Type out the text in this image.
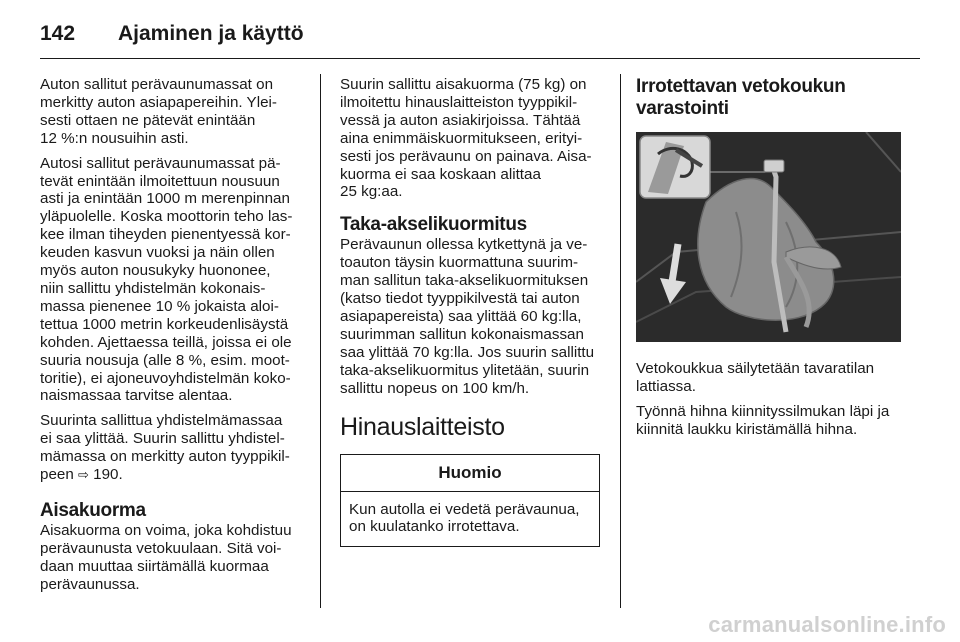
142 Ajaminen ja käyttö

Auton sallitut perävaunumassat on
merkitty auton asiapapereihin. Ylei-
sesti ottaen ne pätevät enintään
12 %:n nousuihin asti.

Autosi sallitut perävaunumassat pä-
tevät enintään ilmoitettuun nousuun
asti ja enintään 1000 m merenpinnan
yläpuolelle. Koska moottorin teho las-
kee ilman tiheyden pienentyessä kor-
keuden kasvun vuoksi ja näin ollen
myös auton nousukyky huononee,
niin sallittu yhdistelmän kokonais-
massa pienenee 10 % jokaista aloi-
tettua 1000 metrin korkeudenlisäystä
kohden. Ajettaessa teillä, joissa ei ole
suuria nousuja (alle 8 %, esim. moot-
toritie), ei ajoneuvoyhdistelmän koko-
naismassaa tarvitse alentaa.

Suurinta sallittua yhdistelmämassaa
ei saa ylittää. Suurin sallittu yhdistel-
mämassa on merkitty auton tyyppikil-
peen ⇨ 190.

Aisakuorma

Aisakuorma on voima, joka kohdistuu
perävaunusta vetokuulaan. Sitä voi-
daan muuttaa siirtämällä kuormaa
perävaunussa.

Suurin sallittu aisakuorma (75 kg) on
ilmoitettu hinauslaitteiston tyyppikil-
vessä ja auton asiakirjoissa. Tähtää
aina enimmäiskuormitukseen, erityi-
sesti jos perävaunu on painava. Aisa-
kuorma ei saa koskaan alittaa
25 kg:aa.

Taka-akselikuormitus

Perävaunun ollessa kytkettynä ja ve-
toauton täysin kuormattuna suurim-
man sallitun taka-akselikuormituksen
(katso tiedot tyyppikilvestä tai auton
asiapapereista) saa ylittää 60 kg:lla,
suurimman sallitun kokonaismassan
saa ylittää 70 kg:lla. Jos suurin sallittu
taka-akselikuormitus ylitetään, suurin
sallittu nopeus on 100 km/h.

Hinauslaitteisto
Huomio
Kun autolla ei vedetä perävaunua,
on kuulatanko irrotettava.
Irrotettavan vetokoukun
varastointi

Vetokoukkua säilytetään tavaratilan
lattiassa.

Työnnä hihna kiinnityssilmukan läpi ja
kiinnitä laukku kiristämällä hihna.

carmanualsonline.info
